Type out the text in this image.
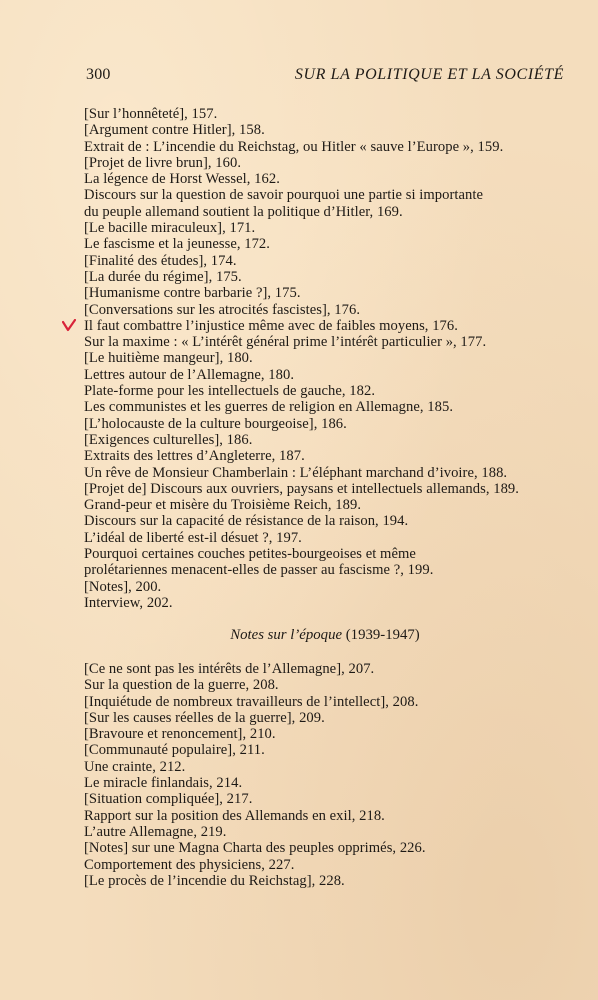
300	SUR LA POLITIQUE ET LA SOCIÉTÉ
[Sur l’honnêteté], 157.
[Argument contre Hitler], 158.
Extrait de : L’incendie du Reichstag, ou Hitler « sauve l’Europe », 159.
[Projet de livre brun], 160.
La légence de Horst Wessel, 162.
Discours sur la question de savoir pourquoi une partie si importante
du peuple allemand soutient la politique d’Hitler, 169.
[Le bacille miraculeux], 171.
Le fascisme et la jeunesse, 172.
[Finalité des études], 174.
[La durée du régime], 175.
[Humanisme contre barbarie ?], 175.
[Conversations sur les atrocités fascistes], 176.
Il faut combattre l’injustice même avec de faibles moyens, 176.
Sur la maxime : « L’intérêt général prime l’intérêt particulier », 177.
[Le huitième mangeur], 180.
Lettres autour de l’Allemagne, 180.
Plate-forme pour les intellectuels de gauche, 182.
Les communistes et les guerres de religion en Allemagne, 185.
[L’holocauste de la culture bourgeoise], 186.
[Exigences culturelles], 186.
Extraits des lettres d’Angleterre, 187.
Un rêve de Monsieur Chamberlain : L’éléphant marchand d’ivoire, 188.
[Projet de] Discours aux ouvriers, paysans et intellectuels allemands, 189.
Grand-peur et misère du Troisième Reich, 189.
Discours sur la capacité de résistance de la raison, 194.
L’idéal de liberté est-il désuet ?, 197.
Pourquoi certaines couches petites-bourgeoises et même
prolétariennes menacent-elles de passer au fascisme ?, 199.
[Notes], 200.
Interview, 202.
Notes sur l’époque (1939-1947)
[Ce ne sont pas les intérêts de l’Allemagne], 207.
Sur la question de la guerre, 208.
[Inquiétude de nombreux travailleurs de l’intellect], 208.
[Sur les causes réelles de la guerre], 209.
[Bravoure et renoncement], 210.
[Communauté populaire], 211.
Une crainte, 212.
Le miracle finlandais, 214.
[Situation compliquée], 217.
Rapport sur la position des Allemands en exil, 218.
L’autre Allemagne, 219.
[Notes] sur une Magna Charta des peuples opprimés, 226.
Comportement des physiciens, 227.
[Le procès de l’incendie du Reichstag], 228.
